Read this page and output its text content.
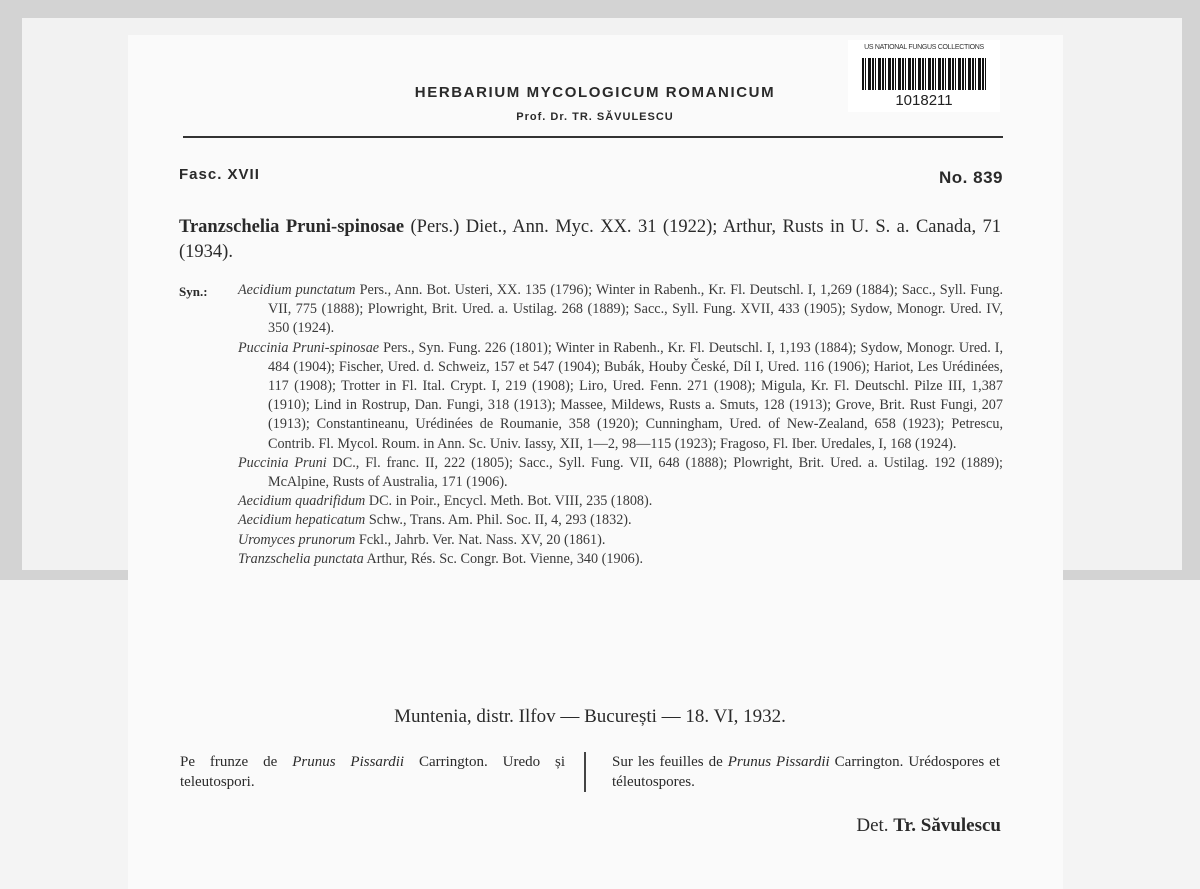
US NATIONAL FUNGUS COLLECTIONS
1018211
HERBARIUM MYCOLOGICUM ROMANICUM
Prof. Dr. TR. SĂVULESCU
Fasc. XVII	No. 839
Tranzschelia Pruni-spinosae (Pers.) Diet., Ann. Myc. XX. 31 (1922); Arthur, Rusts in U. S. a. Canada, 71 (1934).
Syn.: Aecidium punctatum Pers., Ann. Bot. Usteri, XX. 135 (1796); Winter in Rabenh., Kr. Fl. Deutschl. I, 1,269 (1884); Sacc., Syll. Fung. VII, 775 (1888); Plowright, Brit. Ured. a. Ustilag. 268 (1889); Sacc., Syll. Fung. XVII, 433 (1905); Sydow, Monogr. Ured. IV, 350 (1924).

Puccinia Pruni-spinosae Pers., Syn. Fung. 226 (1801); Winter in Rabenh., Kr. Fl. Deutschl. I, 1,193 (1884); Sydow, Monogr. Ured. I, 484 (1904); Fischer, Ured. d. Schweiz, 157 et 547 (1904); Bubák, Houby České, Díl I, Ured. 116 (1906); Hariot, Les Urédinées, 117 (1908); Trotter in Fl. Ital. Crypt. I, 219 (1908); Liro, Ured. Fenn. 271 (1908); Migula, Kr. Fl. Deutschl. Pilze III, 1,387 (1910); Lind in Rostrup, Dan. Fungi, 318 (1913); Massee, Mildews, Rusts a. Smuts, 128 (1913); Grove, Brit. Rust Fungi, 207 (1913); Constantineanu, Urédinées de Roumanie, 358 (1920); Cunningham, Ured. of New-Zealand, 658 (1923); Petrescu, Contrib. Fl. Mycol. Roum. in Ann. Sc. Univ. Iassy, XII, 1—2, 98—115 (1923); Fragoso, Fl. Iber. Uredales, I, 168 (1924).

Puccinia Pruni DC., Fl. franc. II, 222 (1805); Sacc., Syll. Fung. VII, 648 (1888); Plowright, Brit. Ured. a. Ustilag. 192 (1889); McAlpine, Rusts of Australia, 171 (1906).

Aecidium quadrifidum DC. in Poir., Encycl. Meth. Bot. VIII, 235 (1808).

Aecidium hepaticatum Schw., Trans. Am. Phil. Soc. II, 4, 293 (1832).

Uromyces prunorum Fckl., Jahrb. Ver. Nat. Nass. XV, 20 (1861).

Tranzschelia punctata Arthur, Rés. Sc. Congr. Bot. Vienne, 340 (1906).

Muntenia, distr. Ilfov — București — 18. VI, 1932.
Pe frunze de Prunus Pissardii Carrington. Uredo și teleutospori.
Sur les feuilles de Prunus Pissardii Carrington. Urédospores et téleutospores.
Det. Tr. Săvulescu
